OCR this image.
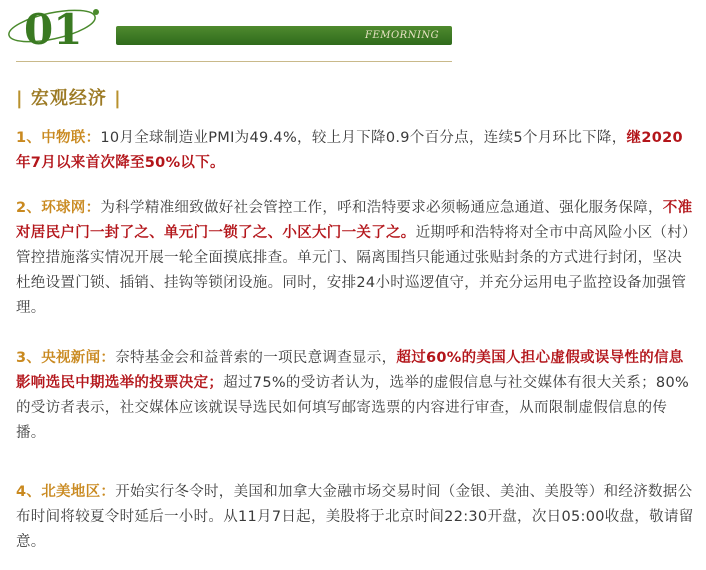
01	FEMORNING
| 宏观经济 |
1、中物联：10月全球制造业PMI为49.4%，较上月下降0.9个百分点，连续5个月环比下降，继2020年7月以来首次降至50%以下。
2、环球网：为科学精准细致做好社会管控工作，呼和浩特要求必须畅通应急通道、强化服务保障，不准对居民户门一封了之、单元门一锁了之、小区大门一关了之。近期呼和浩特将对全市中高风险小区（村）管控措施落实情况开展一轮全面摸底排查。单元门、隔离围挡只能通过张贴封条的方式进行封闭，坚决杜绝设置门锁、插销、挂钩等锁闭设施。同时，安排24小时巡逻值守，并充分运用电子监控设备加强管理。
3、央视新闻：奈特基金会和益普索的一项民意调查显示，超过60%的美国人担心虚假或误导性的信息影响选民中期选举的投票决定；超过75%的受访者认为，选举的虚假信息与社交媒体有很大关系；80%的受访者表示，社交媒体应该就误导选民如何填写邮寄选票的内容进行审查，从而限制虚假信息的传播。
4、北美地区：开始实行冬令时，美国和加拿大金融市场交易时间（金银、美油、美股等）和经济数据公布时间将较夏令时延后一小时。从11月7日起，美股将于北京时间22:30开盘，次日05:00收盘，敬请留意。
